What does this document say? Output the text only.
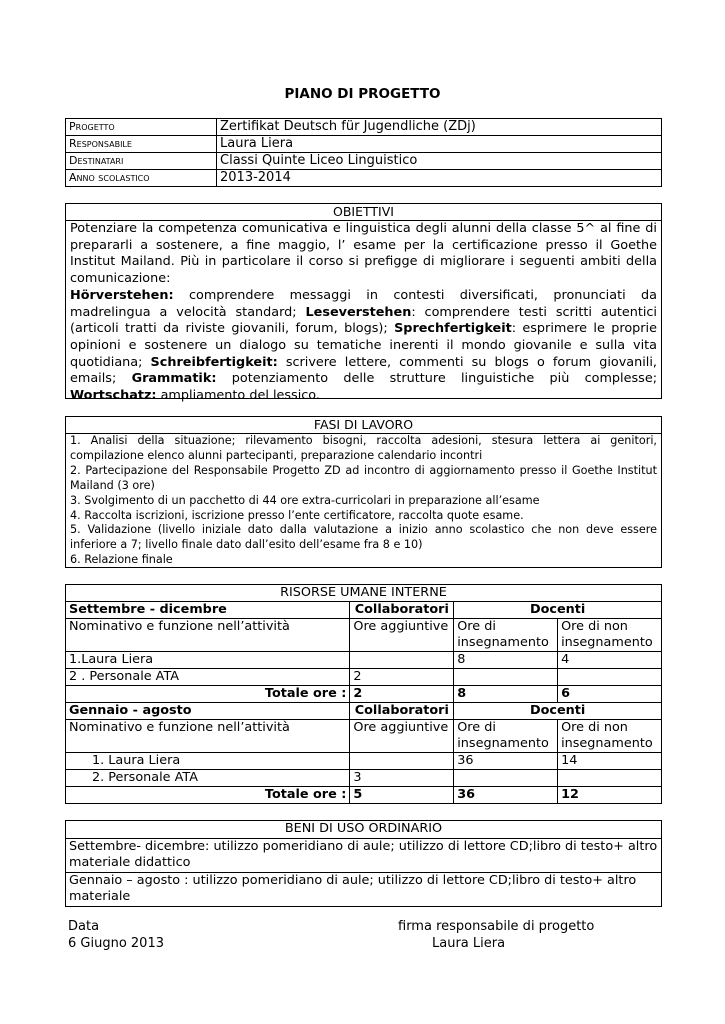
PIANO DI PROGETTO
Progetto	Zertifikat Deutsch für Jugendliche (ZDj)
Responsabile	Laura Liera
Destinatari	Classi Quinte Liceo Linguistico
Anno scolastico	2013-2014
OBIETTIVI
Potenziare la competenza comunicativa e linguistica degli alunni della classe 5^ al fine di prepararli a sostenere, a fine maggio, l’ esame per la certificazione presso il Goethe Institut Mailand. Più in particolare il corso si prefigge di migliorare i seguenti ambiti della comunicazione:
Hörverstehen: comprendere messaggi in contesti diversificati, pronunciati da madrelingua a velocità standard; Leseverstehen: comprendere testi scritti autentici (articoli tratti da riviste giovanili, forum, blogs); Sprechfertigkeit: esprimere le proprie opinioni e sostenere un dialogo su tematiche inerenti il mondo giovanile e sulla vita quotidiana; Schreibfertigkeit: scrivere lettere, commenti su blogs o forum giovanili, emails; Grammatik: potenziamento delle strutture linguistiche più complesse; Wortschatz: ampliamento del lessico.
FASI DI LAVORO
1. Analisi della situazione; rilevamento bisogni, raccolta adesioni, stesura lettera ai genitori, compilazione elenco alunni partecipanti, preparazione calendario incontri
2. Partecipazione del Responsabile Progetto ZD ad incontro di aggiornamento presso il Goethe Institut Mailand (3 ore)
3. Svolgimento di un pacchetto di 44 ore extra-curricolari in preparazione all’esame
4. Raccolta iscrizioni, iscrizione presso l’ente certificatore, raccolta quote esame.
5. Validazione (livello iniziale dato dalla valutazione a inizio anno scolastico che non deve essere inferiore a 7; livello finale dato dall’esito dell’esame fra 8 e 10)
6. Relazione finale
RISORSE UMANE INTERNE			
Settembre - dicembre	Collaboratori	Docenti	
Nominativo e funzione nell’attività	Ore aggiuntive	Ore di insegnamento	Ore di non insegnamento
1.Laura Liera		8	4
2 . Personale ATA	2		
Totale ore :	2	8	6
Gennaio - agosto	Collaboratori	Docenti	
Nominativo e funzione nell’attività	Ore aggiuntive	Ore di insegnamento	Ore di non insegnamento
1. Laura Liera		36	14
2. Personale ATA	3		
Totale ore :	5	36	12
BENI DI USO ORDINARIO
Settembre- dicembre: utilizzo pomeridiano di aule; utilizzo di lettore CD;libro di testo+ altro materiale didattico
Gennaio – agosto : utilizzo pomeridiano di aule; utilizzo di lettore CD;libro di testo+ altro materiale
Data
6 Giugno 2013
firma responsabile di progetto
Laura Liera
